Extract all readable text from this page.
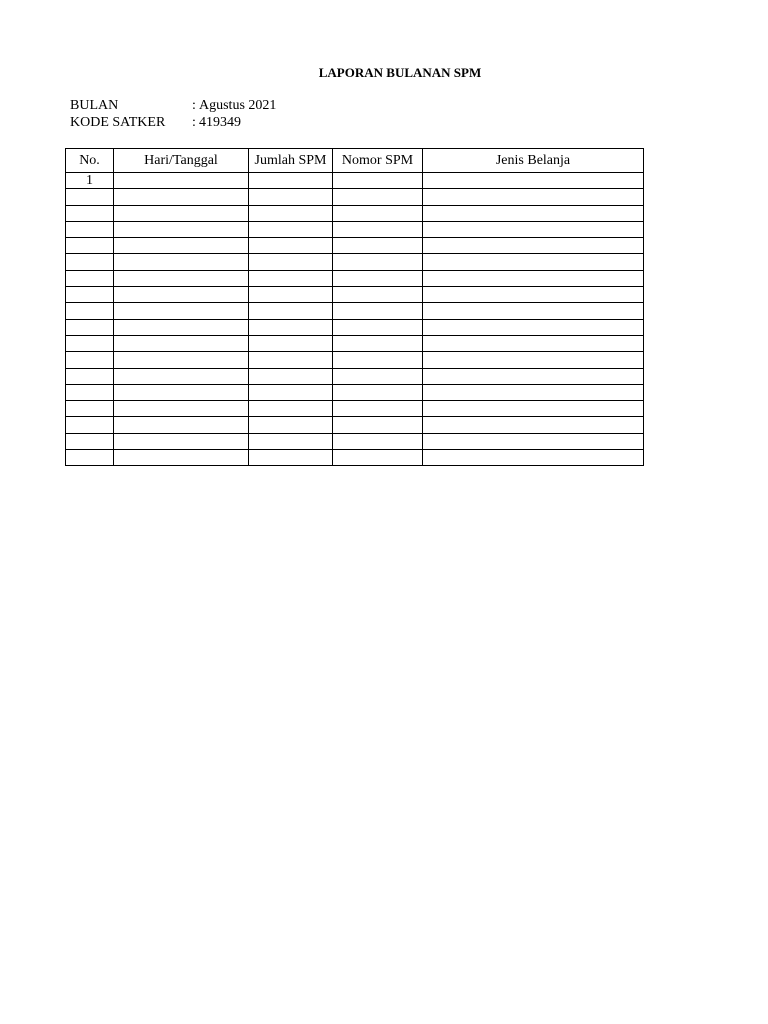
LAPORAN BULANAN SPM
BULAN	: Agustus 2021
KODE SATKER : 419349
No.	Hari/Tanggal	Jumlah SPM	Nomor SPM	Jenis Belanja
1				
